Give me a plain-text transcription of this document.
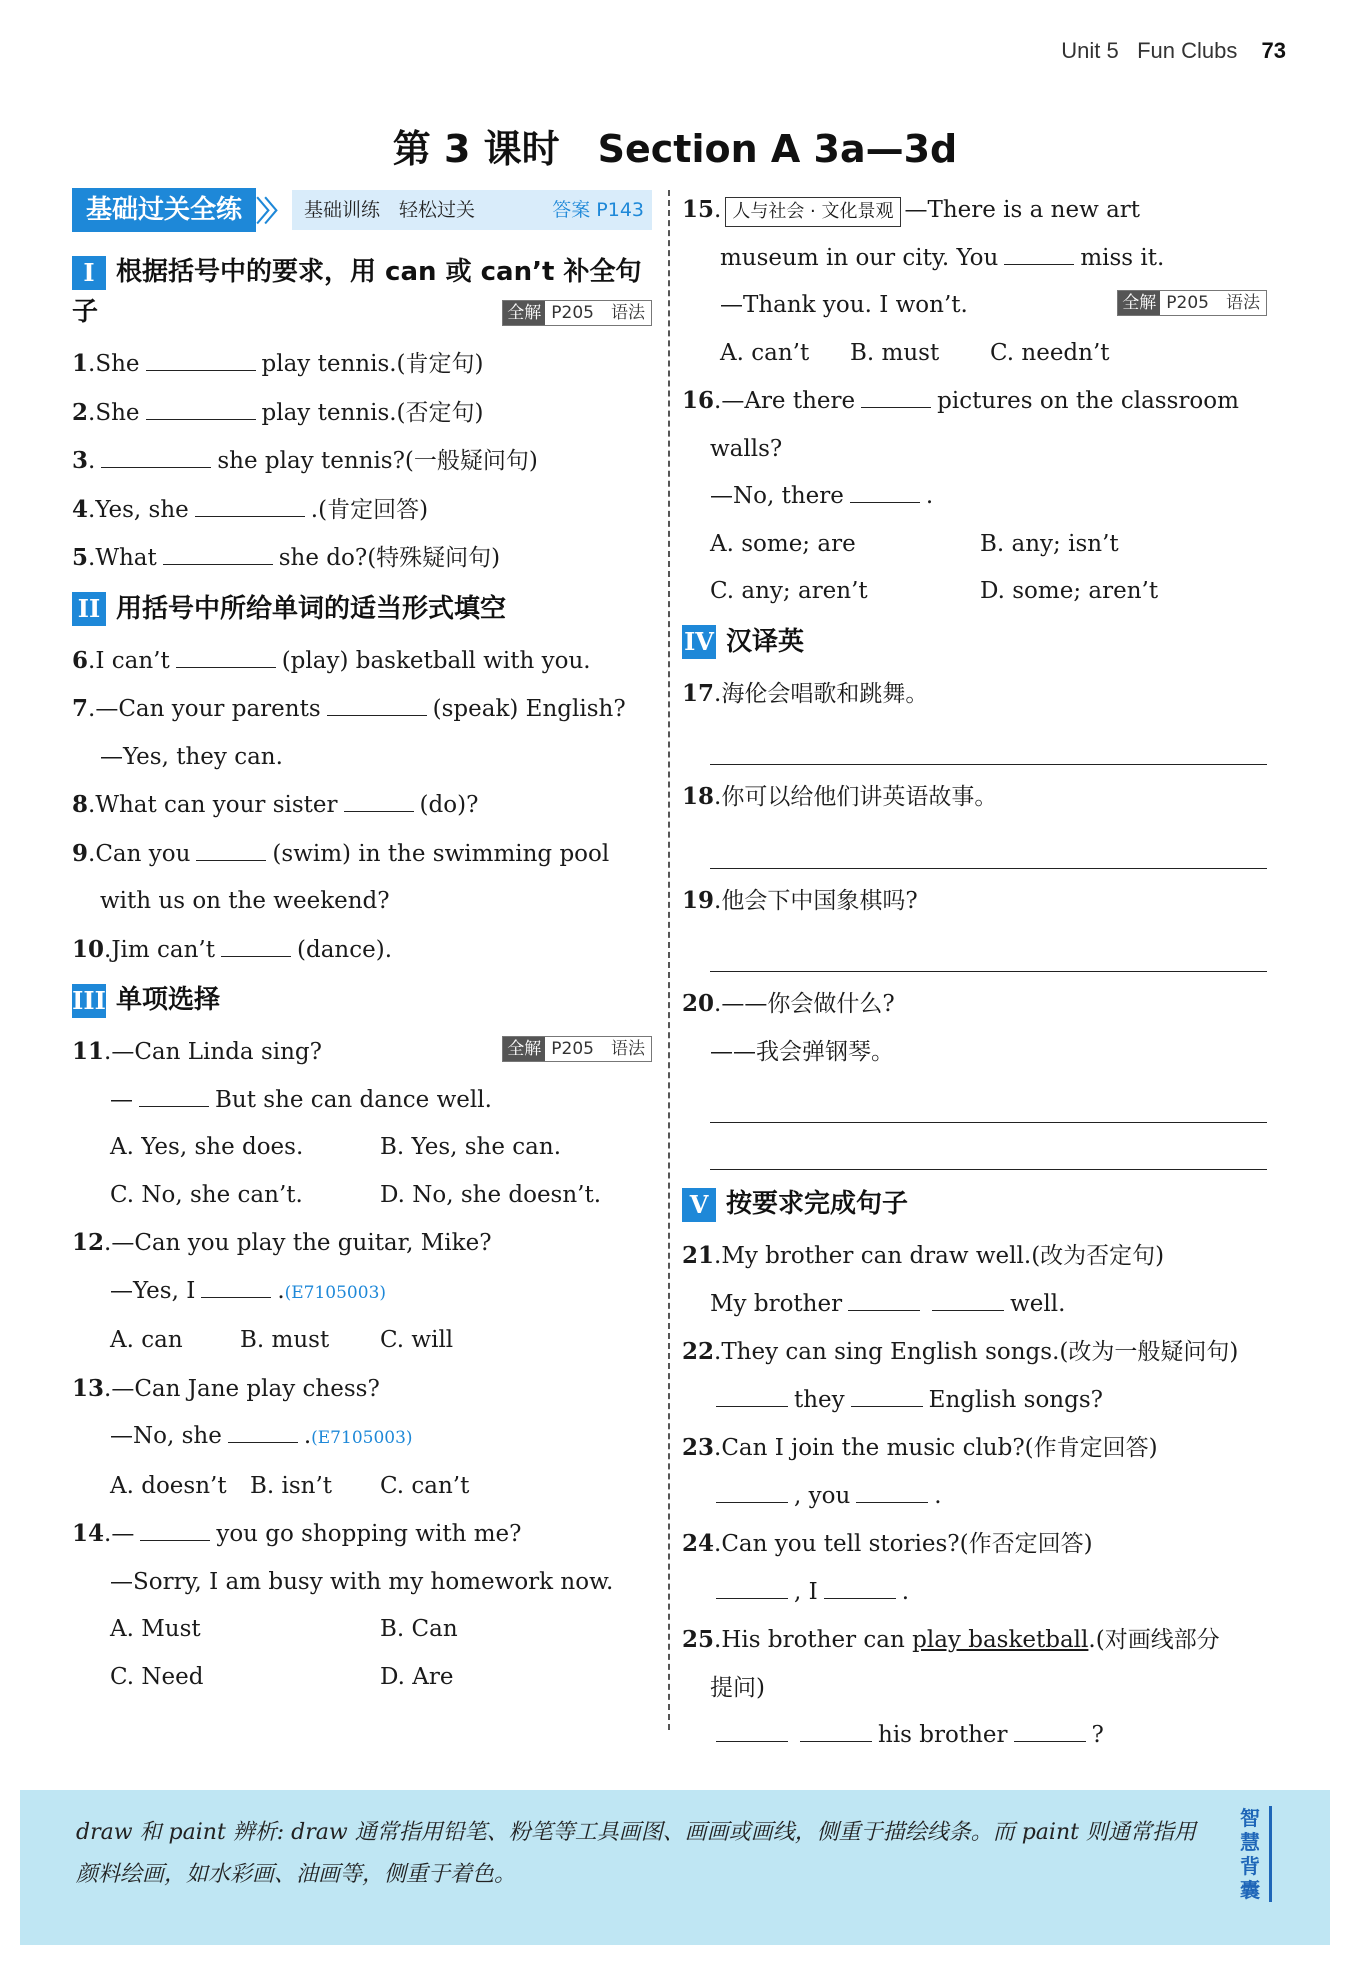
Unit 5 Fun Clubs 73
第 3 课时　Section A 3a—3d
基础过关全练 〉〉 基础训练　轻松过关	答案 P143
I 根据括号中的要求，用 can 或 can’t 补全句子	全解 P205　语法

1.She	play tennis.(肯定句)

2.She	play tennis.(否定句)

3.	she play tennis?(一般疑问句)

4.Yes, she	.(肯定回答)

5.What	she do?(特殊疑问句)

II 用括号中所给单词的适当形式填空

6.I can’t	(play) basketball with you.

7.—Can your parents	(speak) English?

—Yes, they can.

8.What can your sister	(do)?

9.Can you	(swim) in the swimming pool

with us on the weekend?

10.Jim can’t	(dance).

III 单项选择

11.—Can Linda sing?	全解 P205　语法

—	But she can dance well.

A. Yes, she does.	B. Yes, she can.

C. No, she can’t.	D. No, she doesn’t.

12.—Can you play the guitar, Mike?

—Yes, I	.(E7105003)

A. can	B. must	C. will

13.—Can Jane play chess?

—No, she	.(E7105003)

A. doesn’t	B. isn’t	C. can’t

14.—	you go shopping with me?

—Sorry, I am busy with my homework now.

A. Must	B. Can

C. Need	D. Are

15. 人与社会 · 文化景观 —There is a new art

museum in our city. You	miss it.

—Thank you. I won’t.	全解 P205　语法

A. can’t	B. must	C. needn’t

16.—Are there	pictures on the classroom

walls?

—No, there	.

A. some; are	B. any; isn’t

C. any; aren’t	D. some; aren’t

IV 汉译英

17.海伦会唱歌和跳舞。

18.你可以给他们讲英语故事。

19.他会下中国象棋吗?

20.——你会做什么?

——我会弹钢琴。

V 按要求完成句子

21.My brother can draw well.(改为否定句)

My brother	well.

22.They can sing English songs.(改为一般疑问句)

they	English songs?

23.Can I join the music club?(作肯定回答)

, you	.

24.Can you tell stories?(作否定回答)

, I	.

25.His brother can play basketball.(对画线部分

提问)

his brother	?

draw 和 paint 辨析: draw 通常指用铅笔、粉笔等工具画图、画画或画线，侧重于描绘线条。而 paint 则通常指用颜料绘画，如水彩画、油画等，侧重于着色。
智慧背囊
